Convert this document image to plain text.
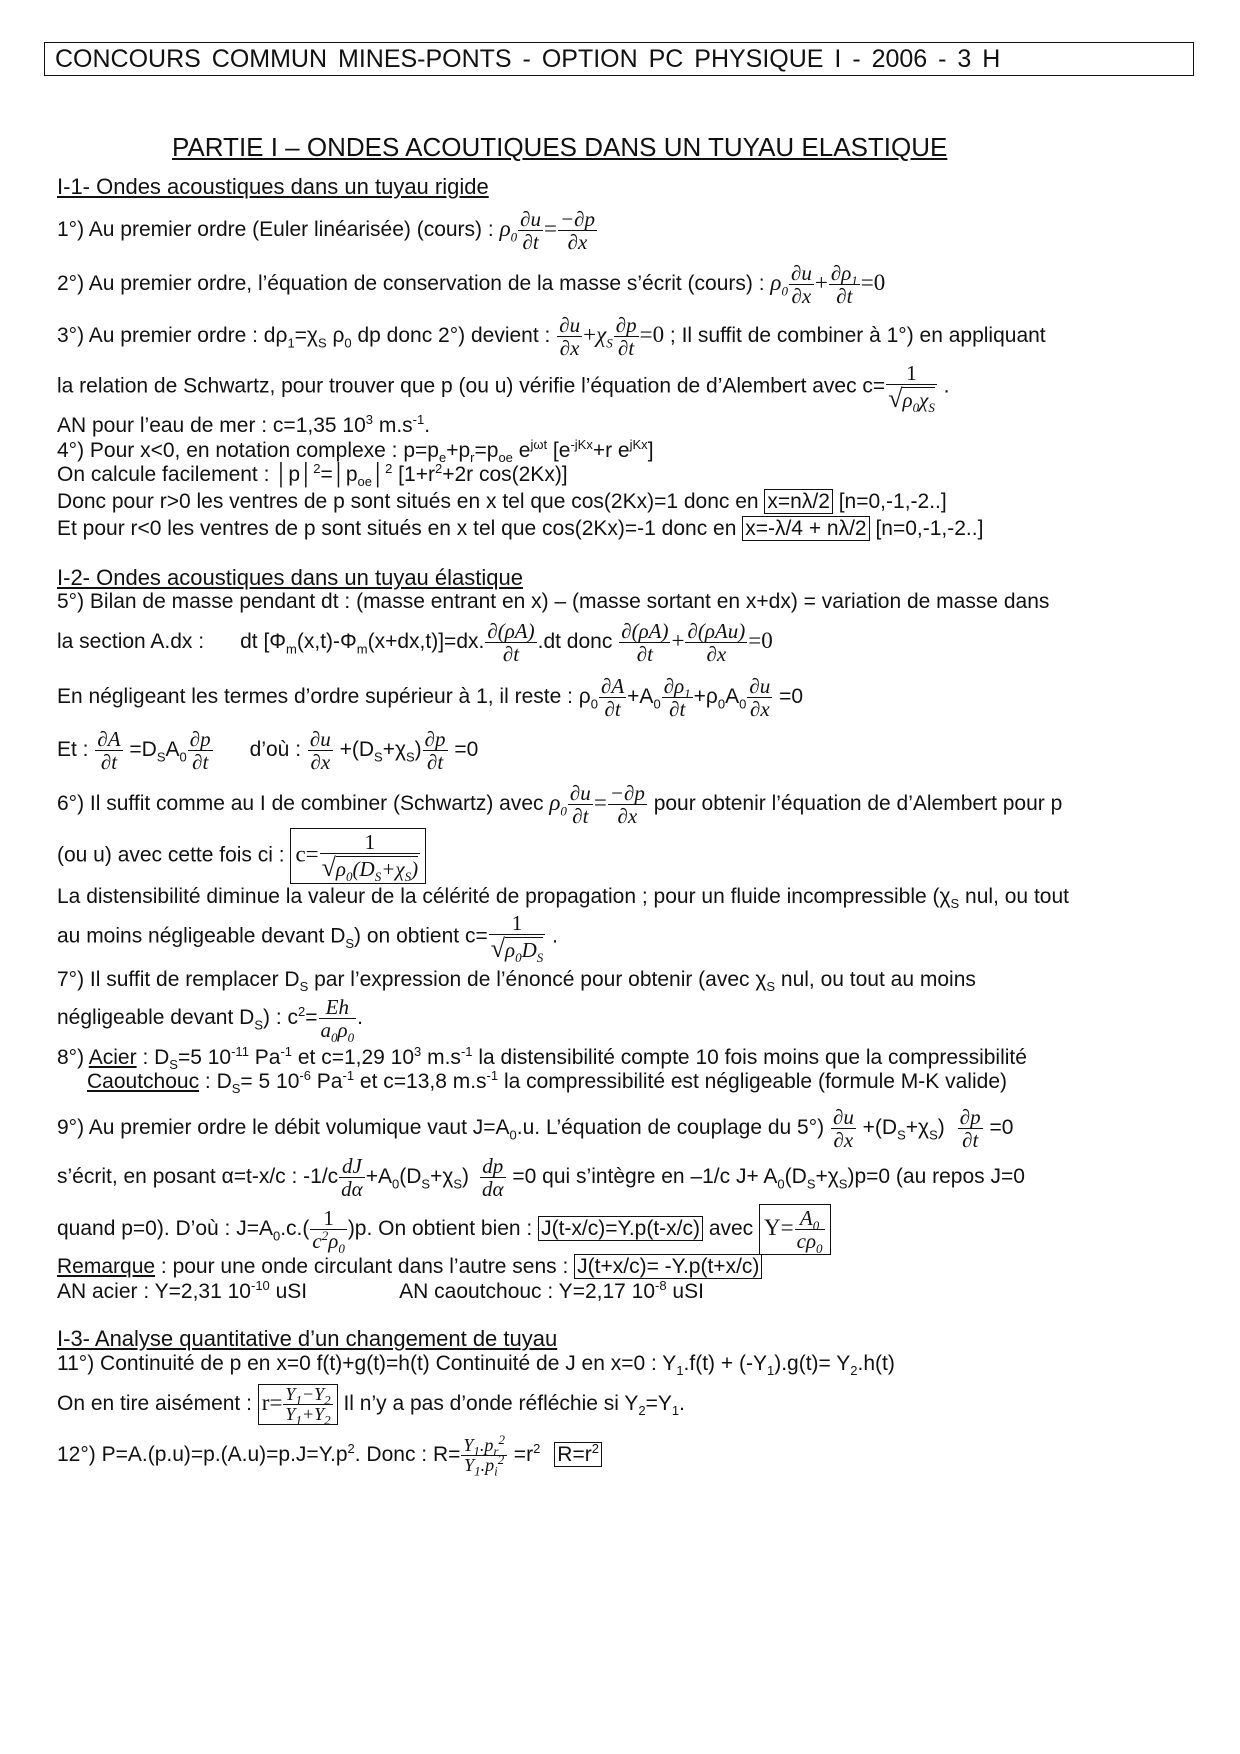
CONCOURS COMMUN MINES-PONTS - OPTION PC PHYSIQUE I - 2006 - 3 H
PARTIE I – ONDES ACOUTIQUES DANS UN TUYAU ELASTIQUE
I-1- Ondes acoustiques dans un tuyau rigide
1°) Au premier ordre (Euler linéarisée) (cours) : $\rho_0 \frac{\partial u}{\partial t} = \frac{-\partial p}{\partial x}$
2°) Au premier ordre, l’équation de conservation de la masse s’écrit (cours) : $\rho_0 \frac{\partial u}{\partial x} + \frac{\partial\rho_1}{\partial t} =0$
3°) Au premier ordre : $d\rho_1=\chi_S$ $\rho_0$ dp donc 2°) devient : $\frac{\partial u}{\partial x} +\chi_S \frac{\partial p}{\partial t} =0$ ; Il suffit de combiner à 1°) en appliquant
la relation de Schwartz, pour trouver que p (ou u) vérifie l’équation de d’Alembert avec $c= \frac{1}{√\rho_0\chi_S}$ .
AN pour l’eau de mer : c=1,35 $10^3$ $m.s^{-1}$.
4°) Pour x<0, en notation complexe : $p=p_e+p_r=p_{oe}$ $e^{j\omega t}$ [$e^{-jKx}+r$ $e^{jKx}$]
On calcule facilement : $│p│^2=│p_{oe}│^2$ [$1+r^2+2r$ cos(2Kx)]
Donc pour r>0 les ventres de p sont situés en x tel que cos(2Kx)=1 donc en x=nλ/2 [n=0,-1,-2..]
Et pour r<0 les ventres de p sont situés en x tel que cos(2Kx)=-1 donc en x=-λ/4 + nλ/2 [n=0,-1,-2..]
I-2- Ondes acoustiques dans un tuyau élastique
5°) Bilan de masse pendant dt : (masse entrant en x) – (masse sortant en x+dx) = variation de masse dans
la section A.dx : dt $[\Phi_m(x,t)-\Phi_m(x+dx,t)]=dx$. $\frac{\partial(\rho A)}{\partial t} .dt$ donc $\frac{\partial(\rho A)}{\partial t} + \frac{\text{∂(ρAu)}}{\partial x} =0$
En négligeant les termes d’ordre supérieur à 1, il reste : $\rho_0 \frac{\partial A}{\partial t} +A_0 \frac{\partial\rho_1}{\partial t} +\rho_0A_0 \frac{\partial u}{\partial x} =0$
Et : $\frac{\partial A}{\partial t} =D_SA_0 \frac{\partial p}{\partial t}$ d’où : $\frac{\partial u}{\partial x} +(D_S+\chi_S) \frac{\partial p}{\partial t} =0$
6°) Il suffit comme au I de combiner (Schwartz) avec $\rho_0 \frac{\partial u}{\partial t} = \frac{-\partial p}{\partial x}$ pour obtenir l’équation de d’Alembert pour p
(ou u) avec cette fois ci : $c= \frac{1}{√\rho_0(D_S+\chi_S)}$
La distensibilité diminue la valeur de la célérité de propagation ; pour un fluide incompressible ($\chi_S$ nul, ou tout
au moins négligeable devant $D_S$) on obtient $c= \frac{1}{√\rho_0D_S}$ .
7°) Il suffit de remplacer $D_S$ par l’expression de l’énoncé pour obtenir (avec $\chi_S$ nul, ou tout au moins
négligeable devant $D_S$) : $c^2= \frac{Eh}{a_0\rho_0}$ .
8°) Acier : $D_S=5$ $10^{-11}$ $Pa^{-1}$ et c=1,29 $10^3$ $m.s^{-1}$ la distensibilité compte 10 fois moins que la compressibilité
Caoutchouc : $D_S= 5$ $10^{-6}$ $Pa^{-1}$ et c=13,8 $m.s^{-1}$ la compressibilité est négligeable (formule M-K valide)
9°) Au premier ordre le débit volumique vaut $J=A_0.u$. L’équation de couplage du $5^\circ) \frac{\partial u}{\partial x} +(D_S+\chi_S) \frac{\partial p}{\partial t} =0$
s’écrit, en posant α=t-x/c : $-1/c \frac{dJ}{d\alpha} +A_0(D_S+\chi_S) \frac{dp}{d\alpha} =0$ qui s’intègre en –1/c $J+ A_0(D_S+\chi_S)p=0$ (au repos J=0
quand p=0). D’où : $J=A_0.c.( \frac{1}{c^2\rho_0} )p$. On obtient bien : J(t-x/c)=Y.p(t-x/c) avec $Y= \frac{A_0}{c\rho_0}$
Remarque : pour une onde circulant dans l’autre sens : J(t+x/c)= -Y.p(t+x/c)
AN acier : Y=2,31 $10^{-10}$ uSI	AN caoutchouc : Y=2,17 $10^{-8}$ uSI
I-3- Analyse quantitative d’un changement de tuyau
11°) Continuité de p en x=0 f(t)+g(t)=h(t) Continuité de J en x=0 : $Y_1.f(t) + (-Y_1).g(t)= Y_2.h(t)$
On en tire aisément : $r= \frac{Y_1-Y_2}{Y_1+Y_2}$ Il n’y a pas d’onde réfléchie si $Y_2=Y_1$.
12°) $P=A.(p.u)=p.(A.u)=p.J=Y.p^2$. Donc : $R= \frac{Y_1.p_r^2}{Y_1.p_i^2} =r^2$ $R=r^2$
